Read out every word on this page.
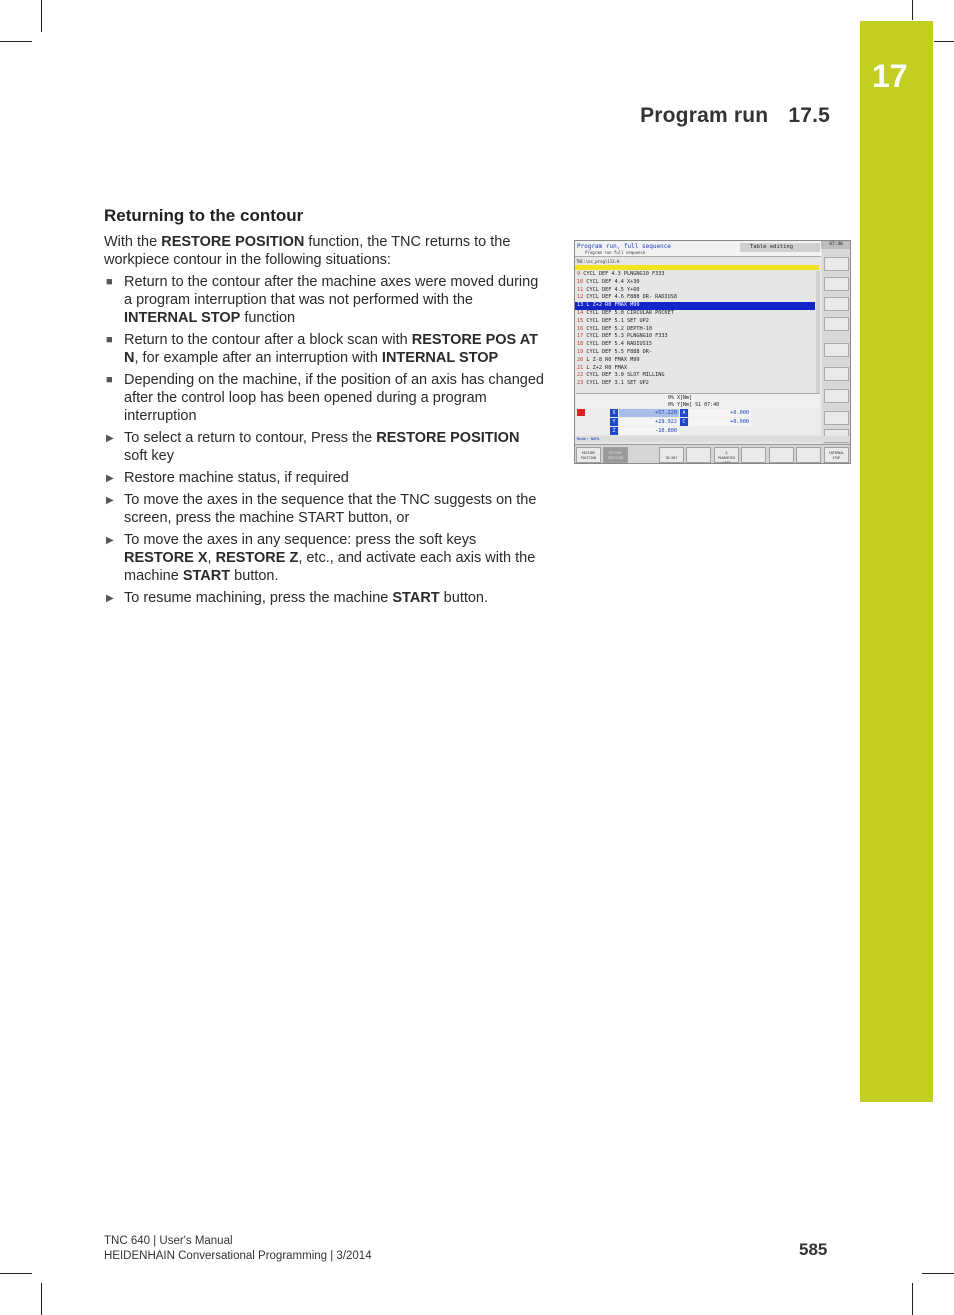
17
Program run 17.5
Returning to the contour

With the RESTORE POSITION function, the TNC returns to the workpiece contour in the following situations:

■ Return to the contour after the machine axes were moved during a program interruption that was not performed with the INTERNAL STOP function
■ Return to the contour after a block scan with RESTORE POS AT N, for example after an interruption with INTERNAL STOP
■ Depending on the machine, if the position of an axis has changed after the control loop has been opened during a program interruption
▶ To select a return to contour, Press the RESTORE POSITION soft key
▶ Restore machine status, if required
▶ To move the axes in the sequence that the TNC suggests on the screen, press the machine START button, or
▶ To move the axes in any sequence: press the soft keys RESTORE X, RESTORE Z, etc., and activate each axis with the machine START button.
▶ To resume machining, press the machine START button.
Program run, full sequence
Program run full sequence
Table editing	07:40
TNC:\nc_prog\113.H
9 CYCL DEF 4.3 PLNGNG10 F333
10 CYCL DEF 4.4 X+30
11 CYCL DEF 4.5 Y+60
12 CYCL DEF 4.6 F888 DR- RADIUS8
13 L Z+2 R0 FMAX M99
14 CYCL DEF 5.0 CIRCULAR POCKET
15 CYCL DEF 5.1 SET UP2
16 CYCL DEF 5.2 DEPTH-10
17 CYCL DEF 5.3 PLNGNG10 F333
18 CYCL DEF 5.4 RADIUS15
19 CYCL DEF 5.5 F888 DR-
20 L Z-8 R0 FMAX M99
21 L Z+2 R0 FMAX
22 CYCL DEF 3.0 SLOT MILLING
23 CYCL DEF 3.1 SET UP2
0% X[Nm]
0% Y[Nm] S1 07:40
X	+57.220	A	+0.000
Y	+29.922	C	+0.000
Z	-10.800
Mode: NOML
RESTORE
POSITION
RESTORE
POSITION	3D ROT
Q
PARAMETER LIST
INTERNAL
STOP
TNC 640 | User's Manual
HEIDENHAIN Conversational Programming | 3/2014	585
